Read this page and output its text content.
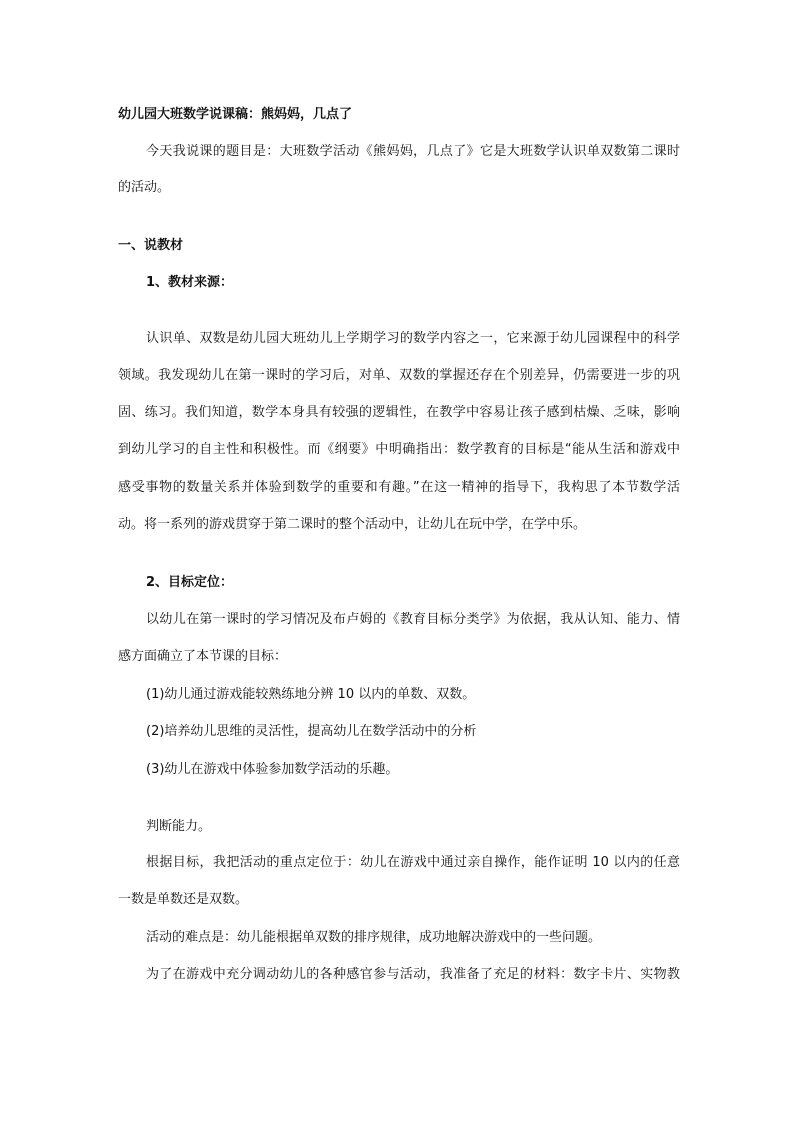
幼儿园大班数学说课稿：熊妈妈，几点了
今天我说课的题目是：大班数学活动《熊妈妈，几点了》它是大班数学认识单双数第二课时
的活动。
一、说教材
1、教材来源：
认识单、双数是幼儿园大班幼儿上学期学习的数学内容之一，它来源于幼儿园课程中的科学
领域。我发现幼儿在第一课时的学习后，对单、双数的掌握还存在个别差异，仍需要进一步的巩
固、练习。我们知道，数学本身具有较强的逻辑性，在教学中容易让孩子感到枯燥、乏味，影响
到幼儿学习的自主性和积极性。而《纲要》中明确指出：数学教育的目标是“能从生活和游戏中
感受事物的数量关系并体验到数学的重要和有趣。”在这一精神的指导下，我构思了本节数学活
动。将一系列的游戏贯穿于第二课时的整个活动中，让幼儿在玩中学，在学中乐。
2、目标定位：
以幼儿在第一课时的学习情况及布卢姆的《教育目标分类学》为依据，我从认知、能力、情
感方面确立了本节课的目标：
(1)幼儿通过游戏能较熟练地分辨 10 以内的单数、双数。
(2)培养幼儿思维的灵活性，提高幼儿在数学活动中的分析
(3)幼儿在游戏中体验参加数学活动的乐趣。
判断能力。
根据目标，我把活动的重点定位于：幼儿在游戏中通过亲自操作，能作证明 10 以内的任意
一数是单数还是双数。
活动的难点是：幼儿能根据单双数的排序规律，成功地解决游戏中的一些问题。
为了在游戏中充分调动幼儿的各种感官参与活动，我准备了充足的材料：数字卡片、实物教
